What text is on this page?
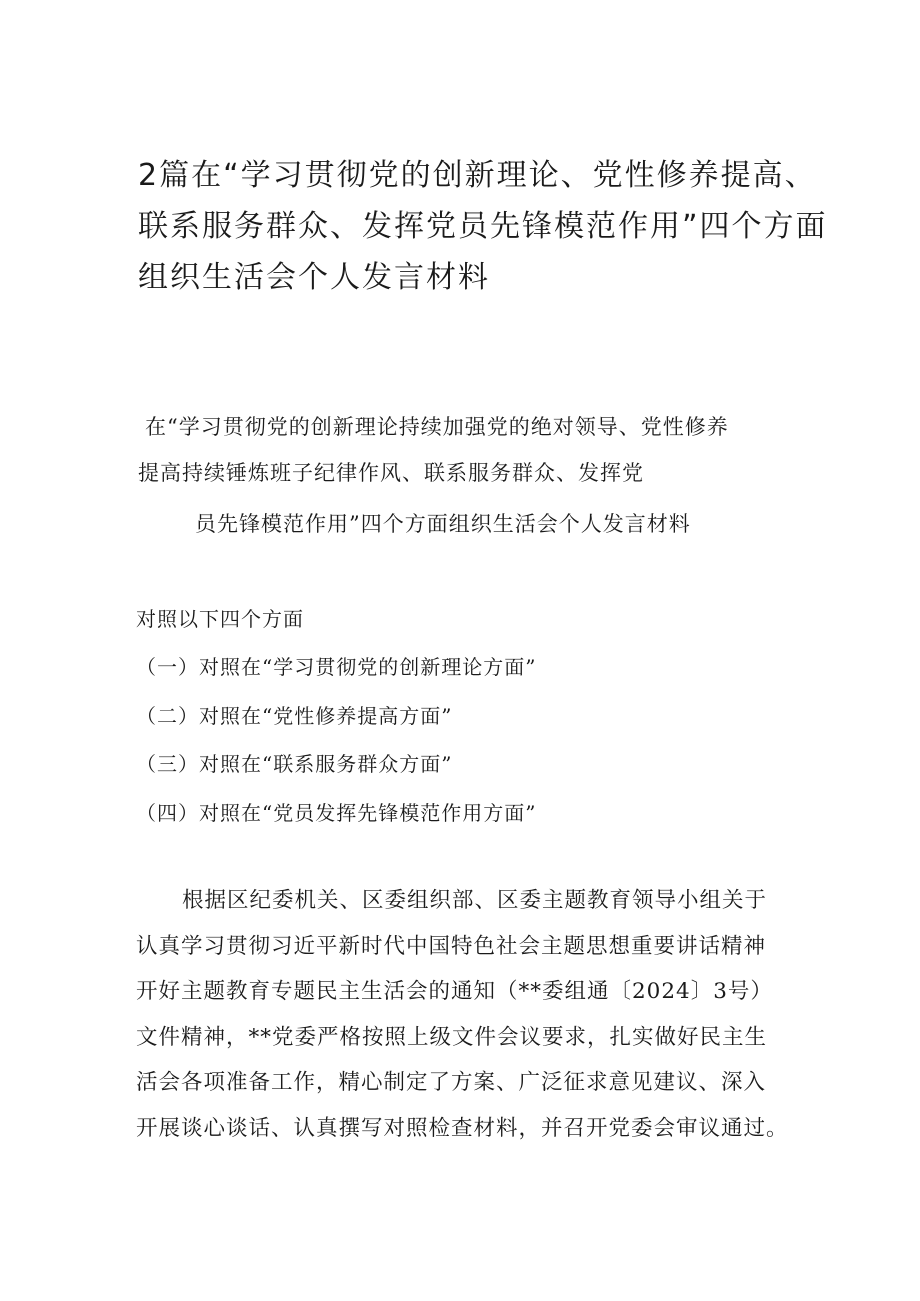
2篇在“学习贯彻党的创新理论、党性修养提高、
联系服务群众、发挥党员先锋模范作用”四个方面
组织生活会个人发言材料
在“学习贯彻党的创新理论持续加强党的绝对领导、党性修养
提高持续锤炼班子纪律作风、联系服务群众、发挥党
员先锋模范作用”四个方面组织生活会个人发言材料

对照以下四个方面

（一）对照在“学习贯彻党的创新理论方面”
（二）对照在“党性修养提高方面”
（三）对照在“联系服务群众方面”
（四）对照在“党员发挥先锋模范作用方面”

根据区纪委机关、区委组织部、区委主题教育领导小组关于
认真学习贯彻习近平新时代中国特色社会主题思想重要讲话精神
开好主题教育专题民主生活会的通知（**委组通〔2024〕3号）
文件精神，**党委严格按照上级文件会议要求，扎实做好民主生
活会各项准备工作，精心制定了方案、广泛征求意见建议、深入
开展谈心谈话、认真撰写对照检查材料，并召开党委会审议通过。
